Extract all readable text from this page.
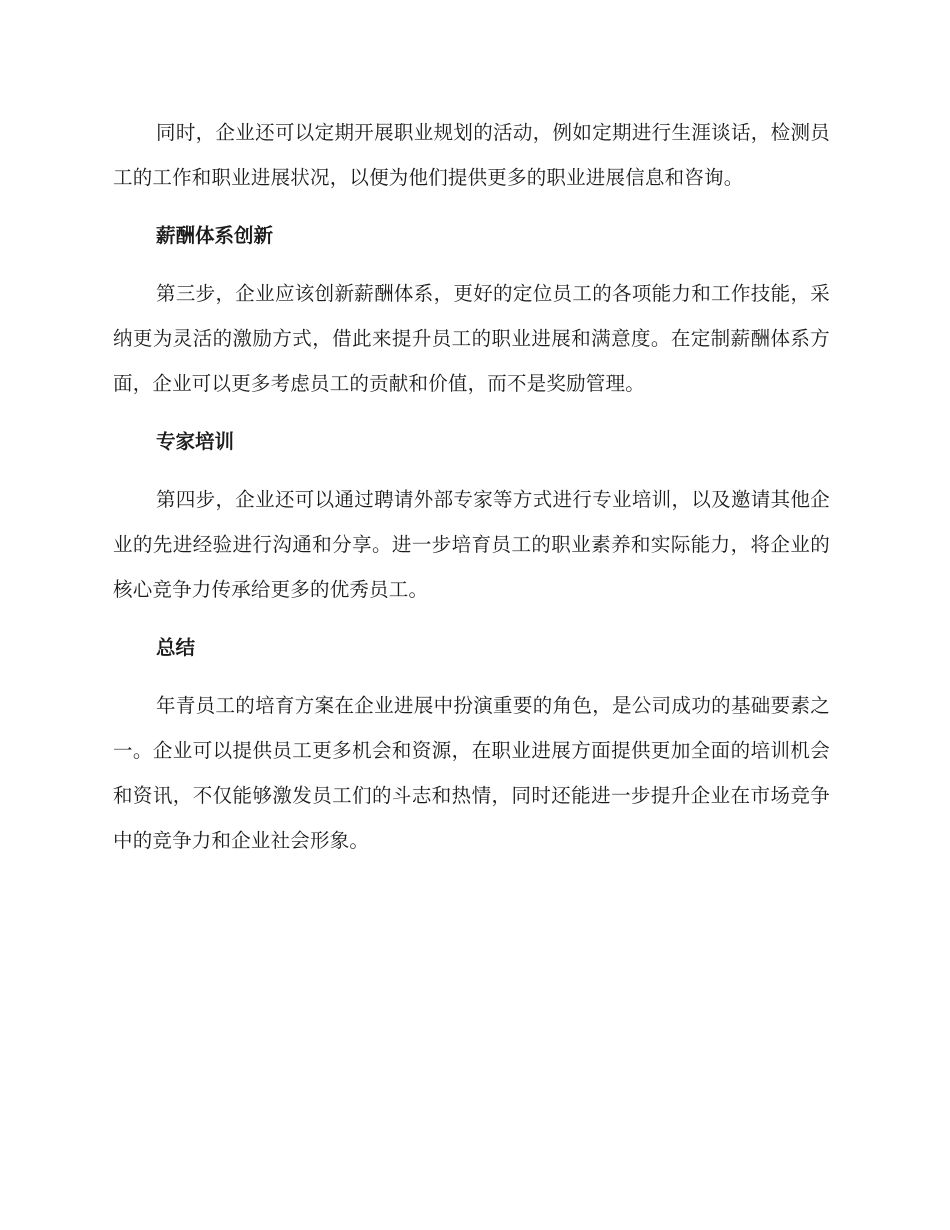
同时，企业还可以定期开展职业规划的活动，例如定期进行生涯谈话，检测员工的工作和职业进展状况，以便为他们提供更多的职业进展信息和咨询。

薪酬体系创新

第三步，企业应该创新薪酬体系，更好的定位员工的各项能力和工作技能，采纳更为灵活的激励方式，借此来提升员工的职业进展和满意度。在定制薪酬体系方面，企业可以更多考虑员工的贡献和价值，而不是奖励管理。

专家培训

第四步，企业还可以通过聘请外部专家等方式进行专业培训，以及邀请其他企业的先进经验进行沟通和分享。进一步培育员工的职业素养和实际能力，将企业的核心竞争力传承给更多的优秀员工。

总结

年青员工的培育方案在企业进展中扮演重要的角色，是公司成功的基础要素之一。企业可以提供员工更多机会和资源，在职业进展方面提供更加全面的培训机会和资讯，不仅能够激发员工们的斗志和热情，同时还能进一步提升企业在市场竞争中的竞争力和企业社会形象。
